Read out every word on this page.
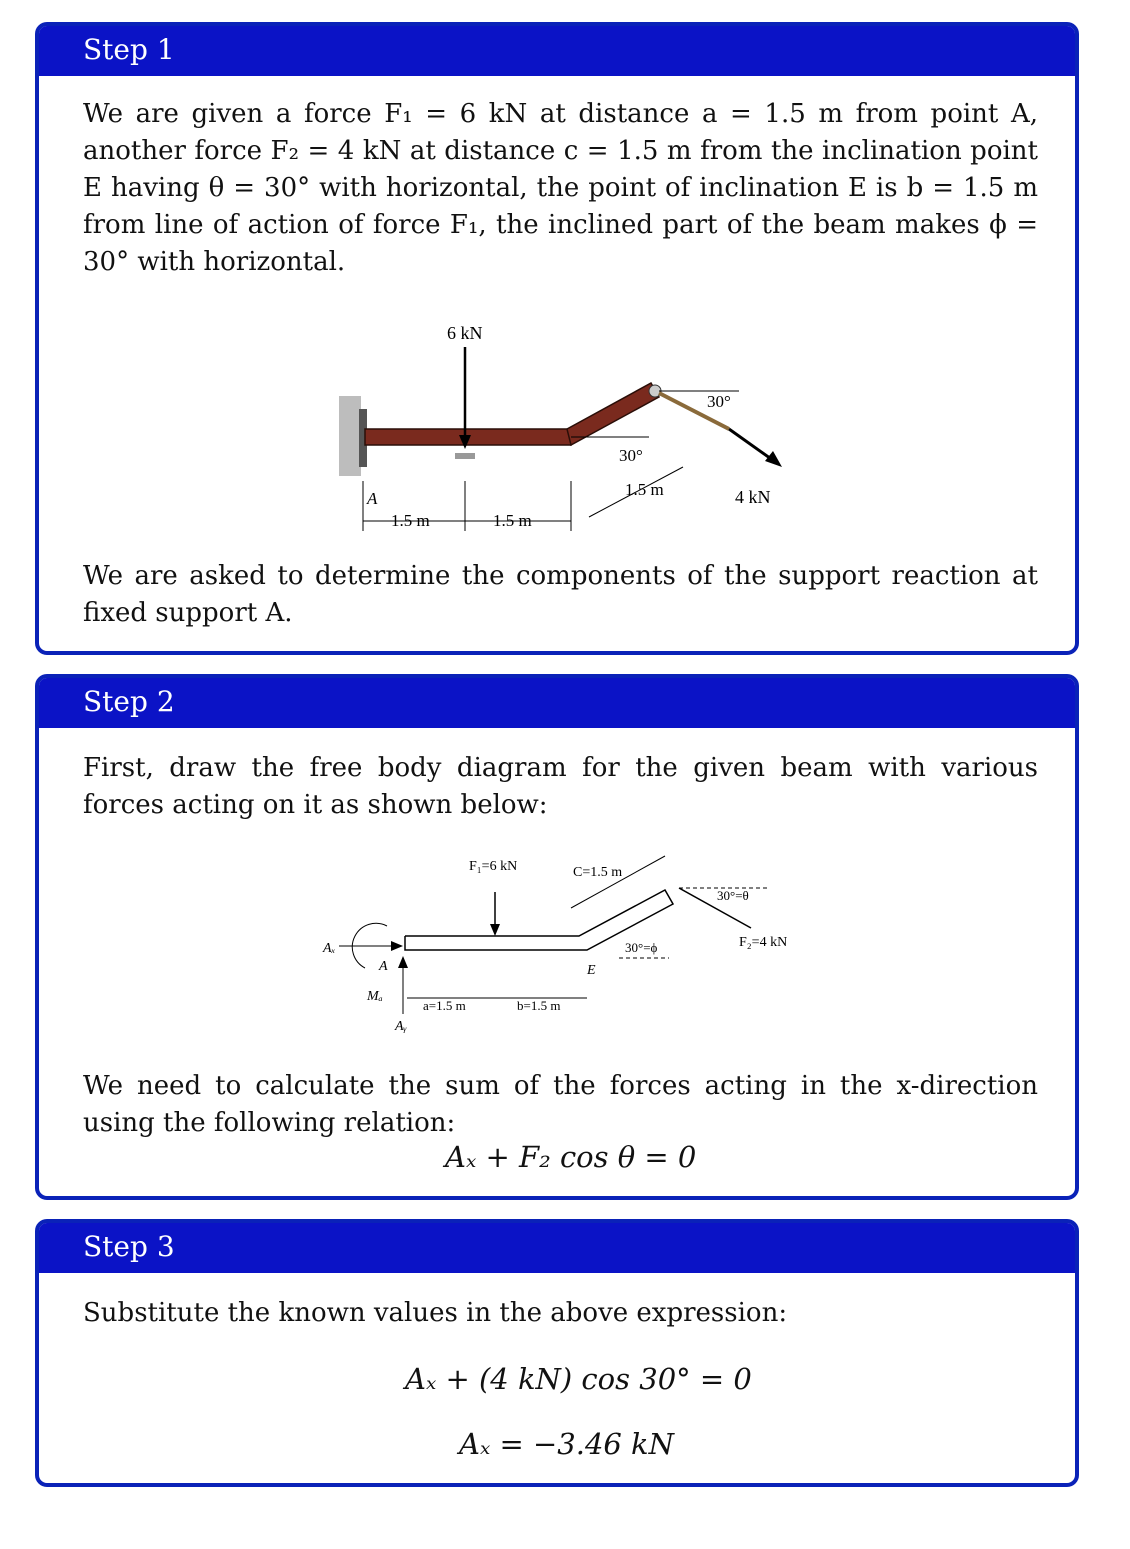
Step 1
We are given a force F₁ = 6 kN at distance a = 1.5 m from point A, another force F₂ = 4 kN at distance c = 1.5 m from the inclination point E having θ = 30° with horizontal, the point of inclination E is b = 1.5 m from line of action of force F₁, the inclined part of the beam makes ϕ = 30° with horizontal.
4 kN
30°
6 kN
30°
1.5 m
1.5 m	1.5 m
A
We are asked to determine the components of the support reaction at fixed support A.
Step 2
First, draw the free body diagram for the given beam with various forces acting on it as shown below:
F₁=6 kN	C=1.5 m
30°=θ
F₂=4 kN
30°=ϕ
E
Aₓ
A
Mₐ
Aᵧ
a=1.5 m	b=1.5 m
We need to calculate the sum of the forces acting in the x-direction using the following relation:
Aₓ + F₂ cos θ = 0
Step 3
Substitute the known values in the above expression:
Aₓ + (4 kN) cos 30° = 0
Aₓ = −3.46 kN
